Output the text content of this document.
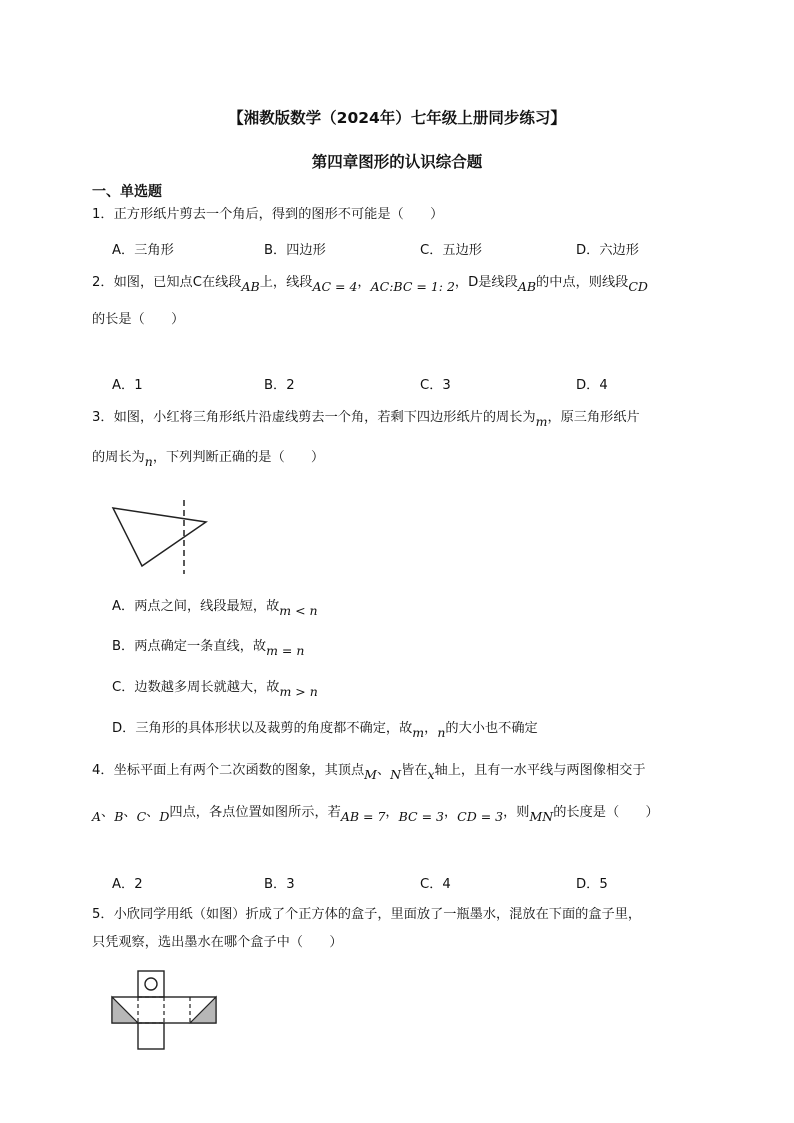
【湘教版数学（2024年）七年级上册同步练习】
第四章图形的认识综合题
一、单选题
1．正方形纸片剪去一个角后，得到的图形不可能是（　　）
A．三角形	B．四边形	C．五边形	D．六边形
2．如图，已知点C在线段AB上，线段AC = 4，AC:BC = 1: 2，D是线段AB的中点，则线段CD
的长是（　　）
A．1	B．2	C．3	D．4
3．如图，小红将三角形纸片沿虚线剪去一个角，若剩下四边形纸片的周长为m，原三角形纸片
的周长为n，下列判断正确的是（　　）
A．两点之间，线段最短，故m < n
B．两点确定一条直线，故m = n
C．边数越多周长就越大，故m > n
D．三角形的具体形状以及裁剪的角度都不确定，故m，n的大小也不确定
4．坐标平面上有两个二次函数的图象，其顶点M、N皆在x轴上，且有一水平线与两图像相交于
A、B、C、D四点，各点位置如图所示，若AB = 7，BC = 3，CD = 3，则MN的长度是（　　）
A．2	B．3	C．4	D．5
5．小欣同学用纸（如图）折成了个正方体的盒子，里面放了一瓶墨水，混放在下面的盒子里，
只凭观察，选出墨水在哪个盒子中（　　）
